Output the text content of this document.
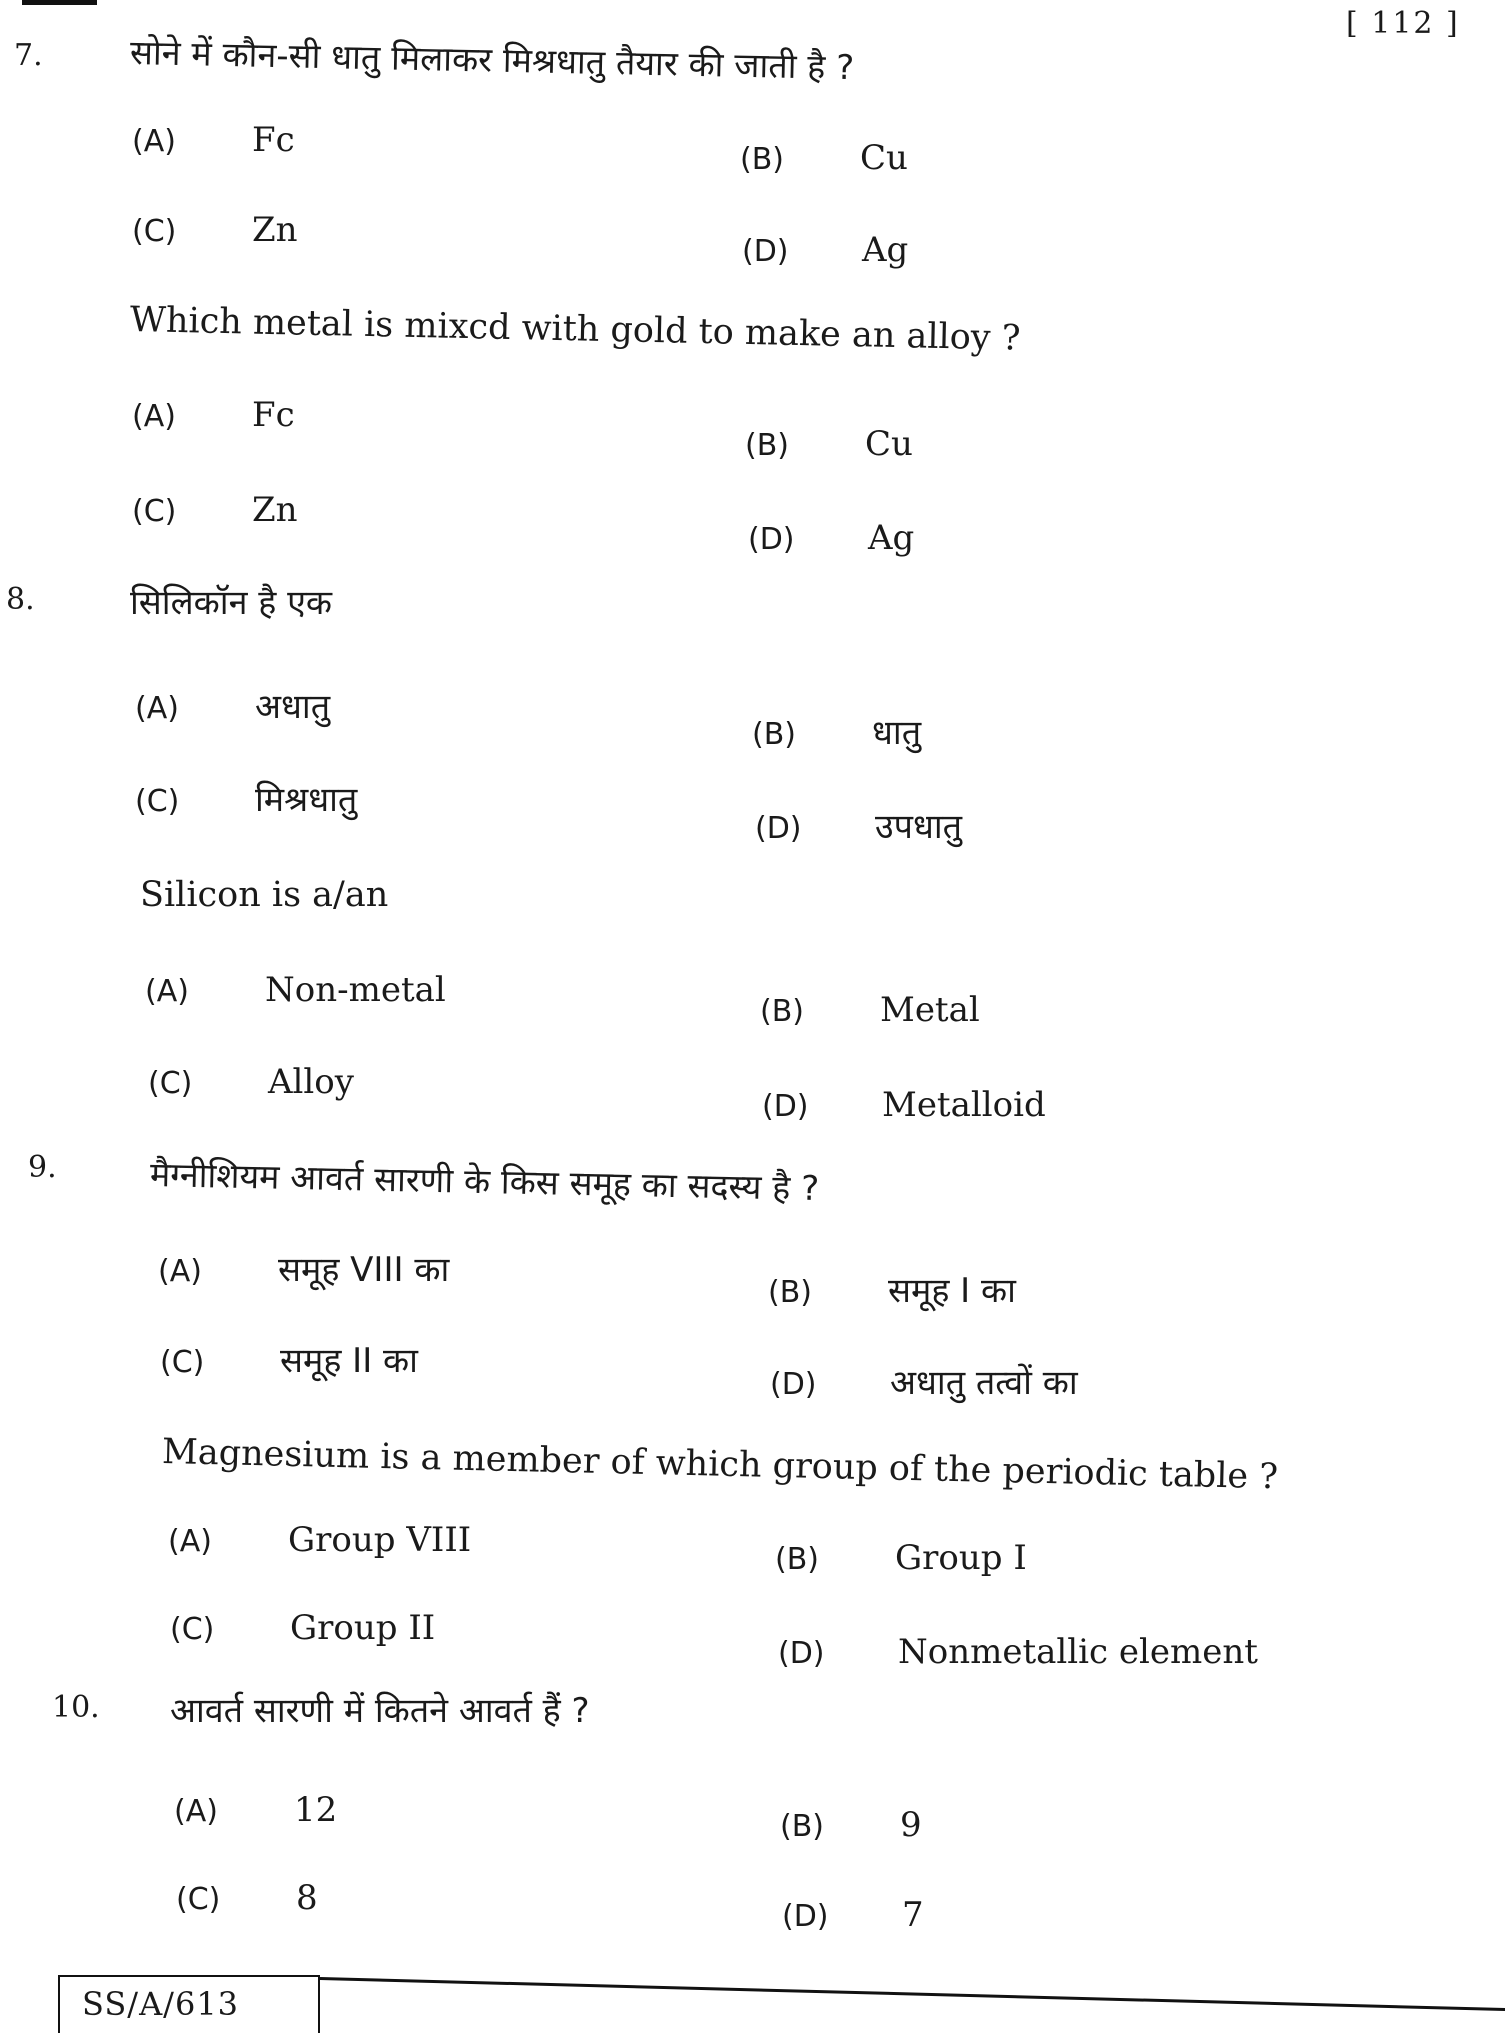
[ 112 ]
7.	सोने में कौन-सी धातु मिलाकर मिश्रधातु तैयार की जाती है ?
(A) Fc	(B) Cu
(C) Zn
(D) Ag
Which metal is mixcd with gold to make an alloy ?
(A) Fc
(B) Cu
(C) Zn
(D) Ag
8.	सिलिकॉन है एक
(A) अधातु
(B) धातु
(C) मिश्रधातु
(D) उपधातु
Silicon is a/an
(A) Non-metal
(B) Metal
(C) Alloy
(D) Metalloid
9.	मैग्नीशियम आवर्त सारणी के किस समूह का सदस्य है ?
(A) समूह VIII का
(B) समूह I का
(C) समूह II का
(D) अधातु तत्वों का
Magnesium is a member of which group of the periodic table ?
(A) Group VIII	(B) Group I
(C) Group II
(D) Nonmetallic element
10. आवर्त सारणी में कितने आवर्त हैं ?
(A) 12	(B) 9
(C) 8	(D) 7
SS/A/613
